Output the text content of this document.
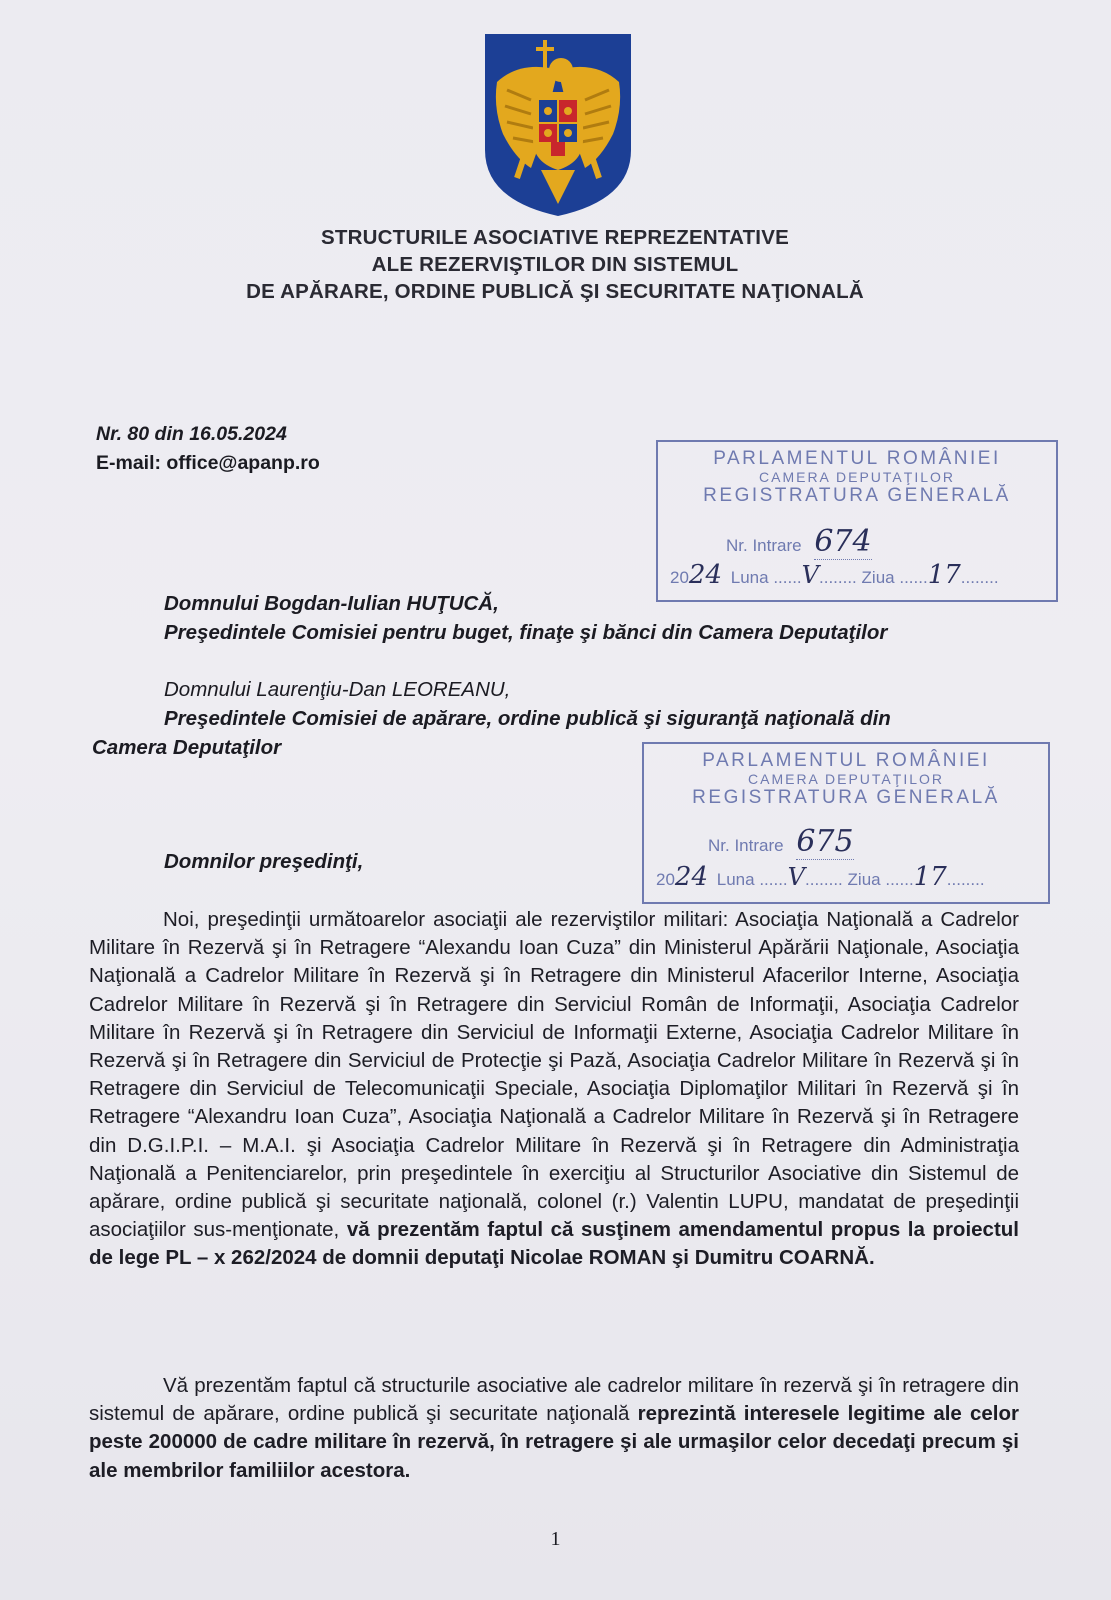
STRUCTURILE ASOCIATIVE REPREZENTATIVE
ALE REZERVIŞTILOR DIN SISTEMUL
DE APĂRARE, ORDINE PUBLICĂ ŞI SECURITATE NAŢIONALĂ
Nr. 80 din 16.05.2024
E-mail: office@apanp.ro	PARLAMENTUL ROMÂNIEI
CAMERA DEPUTAŢILOR
REGISTRATURA GENERALĂ
Nr. Intrare 674
2024 Luna ......V........ Ziua ......17........
PARLAMENTUL ROMÂNIEI
CAMERA DEPUTAŢILOR
REGISTRATURA GENERALĂ
Nr. Intrare 675
2024 Luna ......V........ Ziua ......17........
Domnului Bogdan-Iulian HUŢUCĂ,
Preşedintele Comisiei pentru buget, finaţe şi bănci din Camera Deputaţilor
Domnului Laurenţiu-Dan LEOREANU,
Preşedintele Comisiei de apărare, ordine publică şi siguranţă naţională din
Camera Deputaţilor
Domnilor preşedinţi,
Noi, preşedinţii următoarelor asociaţii ale rezerviştilor militari: Asociaţia Naţională a Cadrelor Militare în Rezervă şi în Retragere “Alexandu Ioan Cuza” din Ministerul Apărării Naţionale, Asociaţia Naţională a Cadrelor Militare în Rezervă şi în Retragere din Ministerul Afacerilor Interne, Asociaţia Cadrelor Militare în Rezervă şi în Retragere din Serviciul Român de Informaţii, Asociaţia Cadrelor Militare în Rezervă şi în Retragere din Serviciul de Informaţii Externe, Asociaţia Cadrelor Militare în Rezervă şi în Retragere din Serviciul de Protecţie şi Pază, Asociaţia Cadrelor Militare în Rezervă şi în Retragere din Serviciul de Telecomunicaţii Speciale, Asociaţia Diplomaţilor Militari în Rezervă şi în Retragere “Alexandru Ioan Cuza”, Asociaţia Naţională a Cadrelor Militare în Rezervă şi în Retragere din D.G.I.P.I. – M.A.I. şi Asociaţia Cadrelor Militare în Rezervă şi în Retragere din Administraţia Naţională a Penitenciarelor, prin preşedintele în exerciţiu al Structurilor Asociative din Sistemul de apărare, ordine publică şi securitate naţională, colonel (r.) Valentin LUPU, mandatat de preşedinţii asociaţiilor sus-menţionate, vă prezentăm faptul că susţinem amendamentul propus la proiectul de lege PL – x 262/2024 de domnii deputaţi Nicolae ROMAN şi Dumitru COARNĂ.
Vă prezentăm faptul că structurile asociative ale cadrelor militare în rezervă şi în retragere din sistemul de apărare, ordine publică şi securitate naţională reprezintă interesele legitime ale celor peste 200000 de cadre militare în rezervă, în retragere şi ale urmaşilor celor decedaţi precum şi ale membrilor familiilor acestora.
1
